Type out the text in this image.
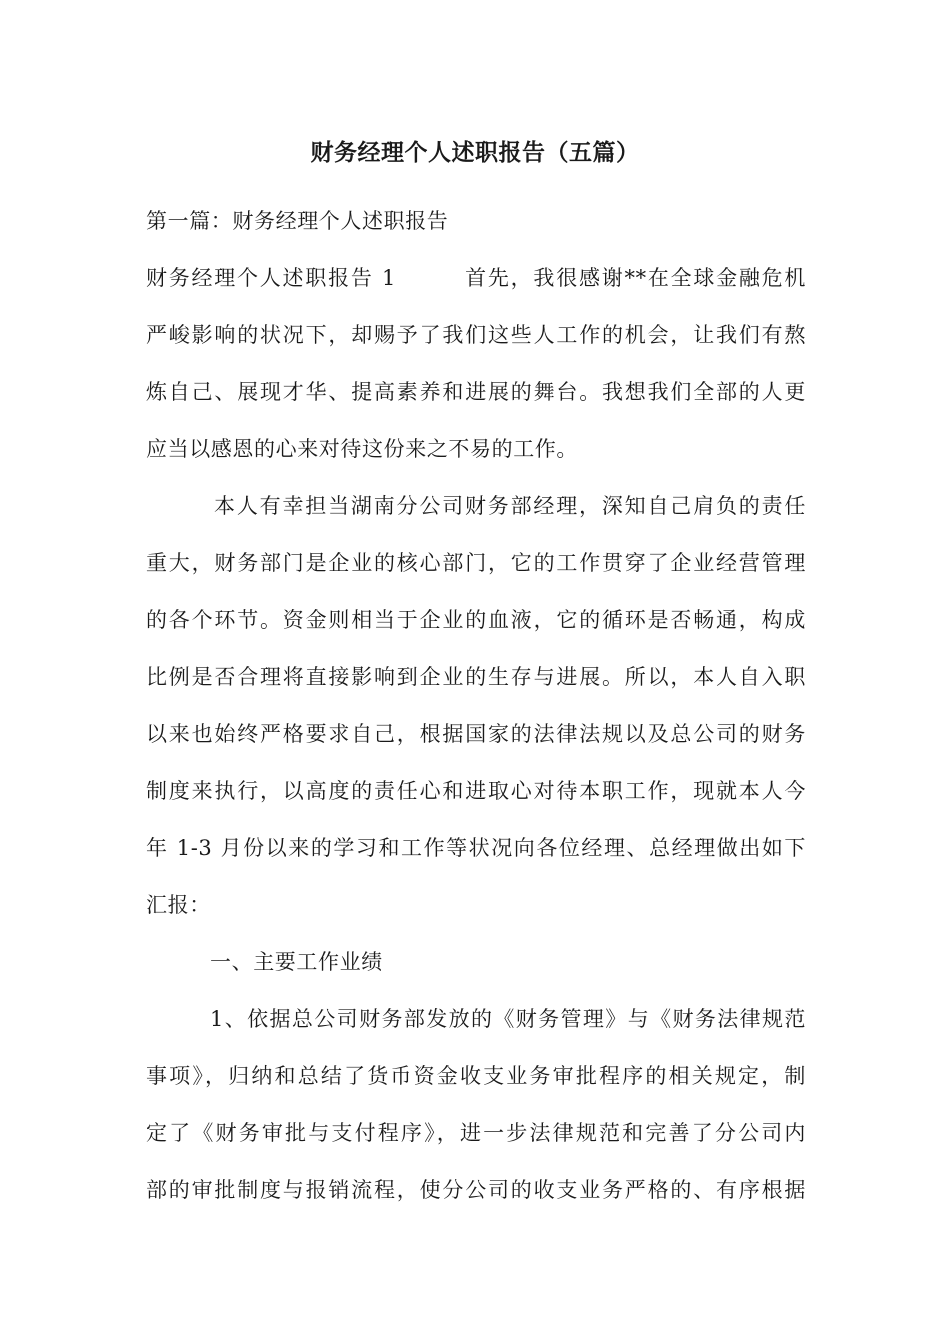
财务经理个人述职报告（五篇）
第一篇：财务经理个人述职报告
财务经理个人述职报告 1	首先，我很感谢**在全球金融危机
严峻影响的状况下，却赐予了我们这些人工作的机会，让我们有熬
炼自己、展现才华、提高素养和进展的舞台。我想我们全部的人更
应当以感恩的心来对待这份来之不易的工作。
本人有幸担当湖南分公司财务部经理，深知自己肩负的责任
重大，财务部门是企业的核心部门，它的工作贯穿了企业经营管理
的各个环节。资金则相当于企业的血液，它的循环是否畅通，构成
比例是否合理将直接影响到企业的生存与进展。所以，本人自入职
以来也始终严格要求自己，根据国家的法律法规以及总公司的财务
制度来执行，以高度的责任心和进取心对待本职工作，现就本人今
年 1-3 月份以来的学习和工作等状况向各位经理、总经理做出如下
汇报：
一、主要工作业绩
1、依据总公司财务部发放的《财务管理》与《财务法律规范
事项》，归纳和总结了货币资金收支业务审批程序的相关规定，制
定了《财务审批与支付程序》，进一步法律规范和完善了分公司内
部的审批制度与报销流程，使分公司的收支业务严格的、有序根据
